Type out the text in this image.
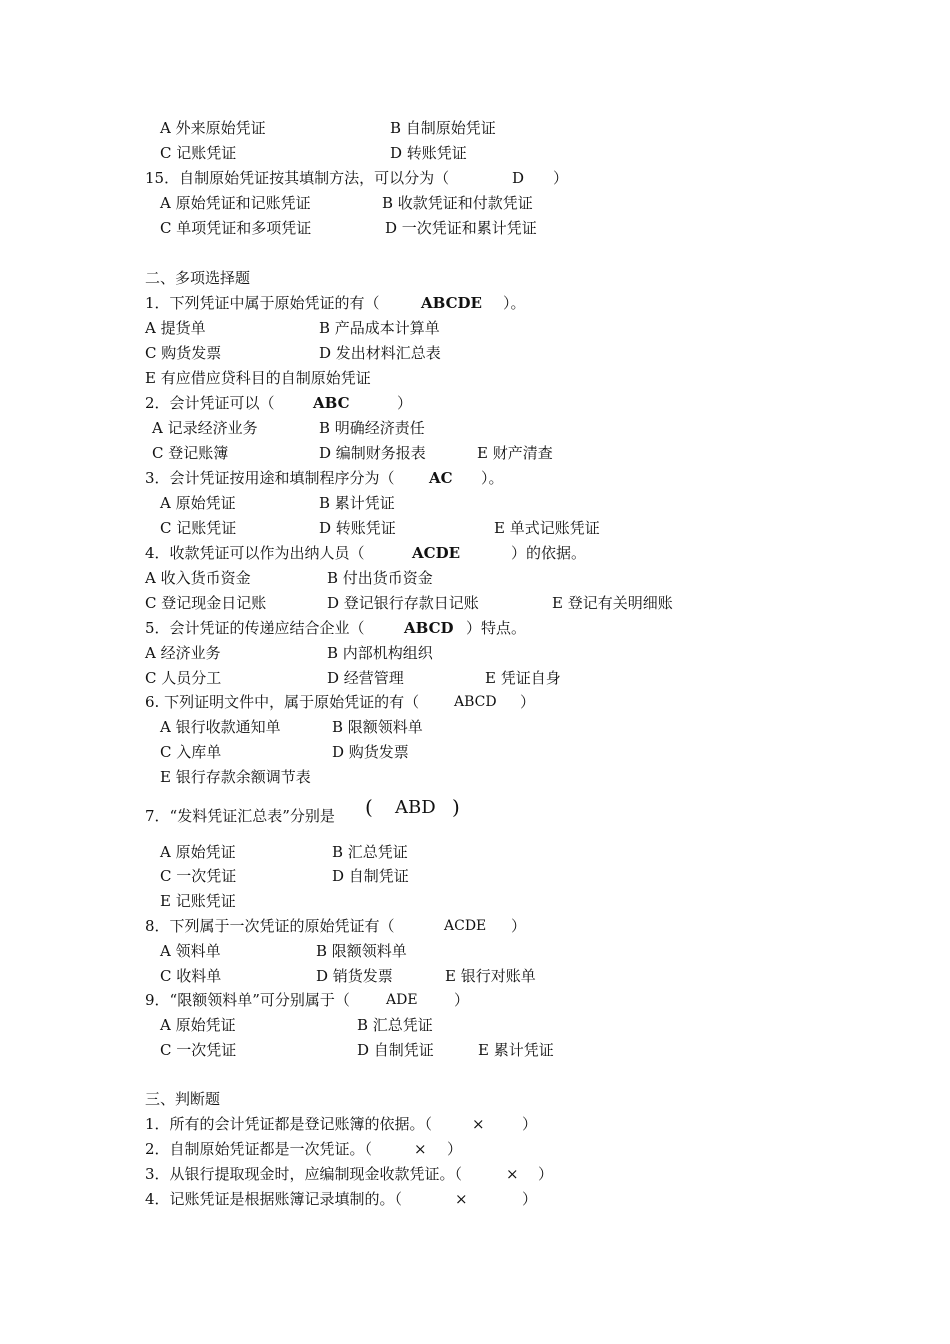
A 外来原始凭证	B 自制原始凭证
C 记账凭证	D 转账凭证
15．自制原始凭证按其填制方法，可以分为（	D ）
A 原始凭证和记账凭证	B 收款凭证和付款凭证
C 单项凭证和多项凭证	D 一次凭证和累计凭证
二、多项选择题
1．下列凭证中属于原始凭证的有（	ABCDE ）。
A 提货单	B 产品成本计算单
C 购货发票	D 发出材料汇总表
E 有应借应贷科目的自制原始凭证
2．会计凭证可以（	ABC	）
A 记录经济业务	B 明确经济责任
C 登记账簿	D 编制财务报表	E 财产清查
3．会计凭证按用途和填制程序分为（ AC ）。
A 原始凭证	B 累计凭证
C 记账凭证	D 转账凭证	E 单式记账凭证
4．收款凭证可以作为出纳人员（	ACDE	）的依据。
A 收入货币资金	B 付出货币资金
C 登记现金日记账	D 登记银行存款日记账	E 登记有关明细账
5．会计凭证的传递应结合企业（	ABCD ）特点。
A 经济业务	B 内部机构组织
C 人员分工	D 经营管理	E 凭证自身
6. 下列证明文件中，属于原始凭证的有（ ABCD ）
A 银行收款通知单	B 限额领料单
C 入库单	D 购货发票
E 银行存款余额调节表
7．“发料凭证汇总表”分别是 ( ABD )
A 原始凭证	B 汇总凭证
C 一次凭证	D 自制凭证
E 记账凭证
8．下列属于一次凭证的原始凭证有（	ACDE ）
A 领料单	B 限额领料单
C 收料单	D 销货发票	E 银行对账单
9．“限额领料单”可分别属于（	ADE ）
A 原始凭证	B 汇总凭证
C 一次凭证	D 自制凭证	E 累计凭证
三、判断题
1．所有的会计凭证都是登记账簿的依据。（	× ）
2．自制原始凭证都是一次凭证。（	× ）
3．从银行提取现金时，应编制现金收款凭证。（	× ）
4．记账凭证是根据账簿记录填制的。（	×	）
